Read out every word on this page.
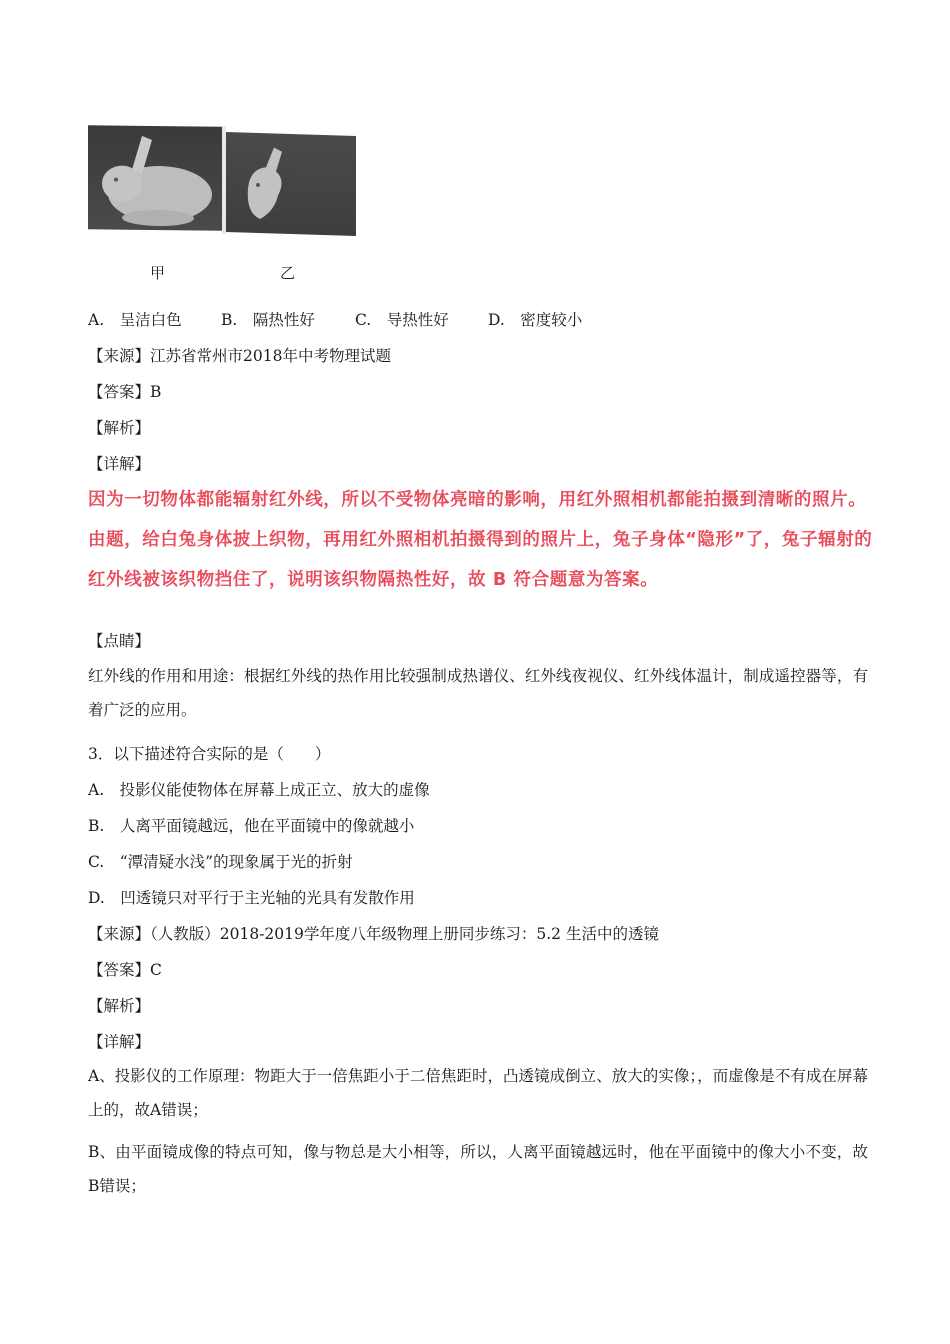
甲	乙
A.　呈洁白色	B.　隔热性好	C.　导热性好	D.　密度较小
【来源】江苏省常州市2018年中考物理试题
【答案】B
【解析】
【详解】
因为一切物体都能辐射红外线，所以不受物体亮暗的影响，用红外照相机都能拍摄到清晰的照片。由题，给白兔身体披上织物，再用红外照相机拍摄得到的照片上，兔子身体“隐形”了，兔子辐射的红外线被该织物挡住了，说明该织物隔热性好，故 B 符合题意为答案。
【点睛】
红外线的作用和用途：根据红外线的热作用比较强制成热谱仪、红外线夜视仪、红外线体温计，制成遥控器等，有着广泛的应用。
3．以下描述符合实际的是（　　）
A.　投影仪能使物体在屏幕上成正立、放大的虚像
B.　人离平面镜越远，他在平面镜中的像就越小
C.　“潭清疑水浅”的现象属于光的折射
D.　凹透镜只对平行于主光轴的光具有发散作用
【来源】（人教版）2018-2019学年度八年级物理上册同步练习：5.2 生活中的透镜
【答案】C
【解析】
【详解】
A、投影仪的工作原理：物距大于一倍焦距小于二倍焦距时，凸透镜成倒立、放大的实像；，而虚像是不有成在屏幕上的，故A错误；
B、由平面镜成像的特点可知，像与物总是大小相等，所以，人离平面镜越远时，他在平面镜中的像大小不变，故B错误；
